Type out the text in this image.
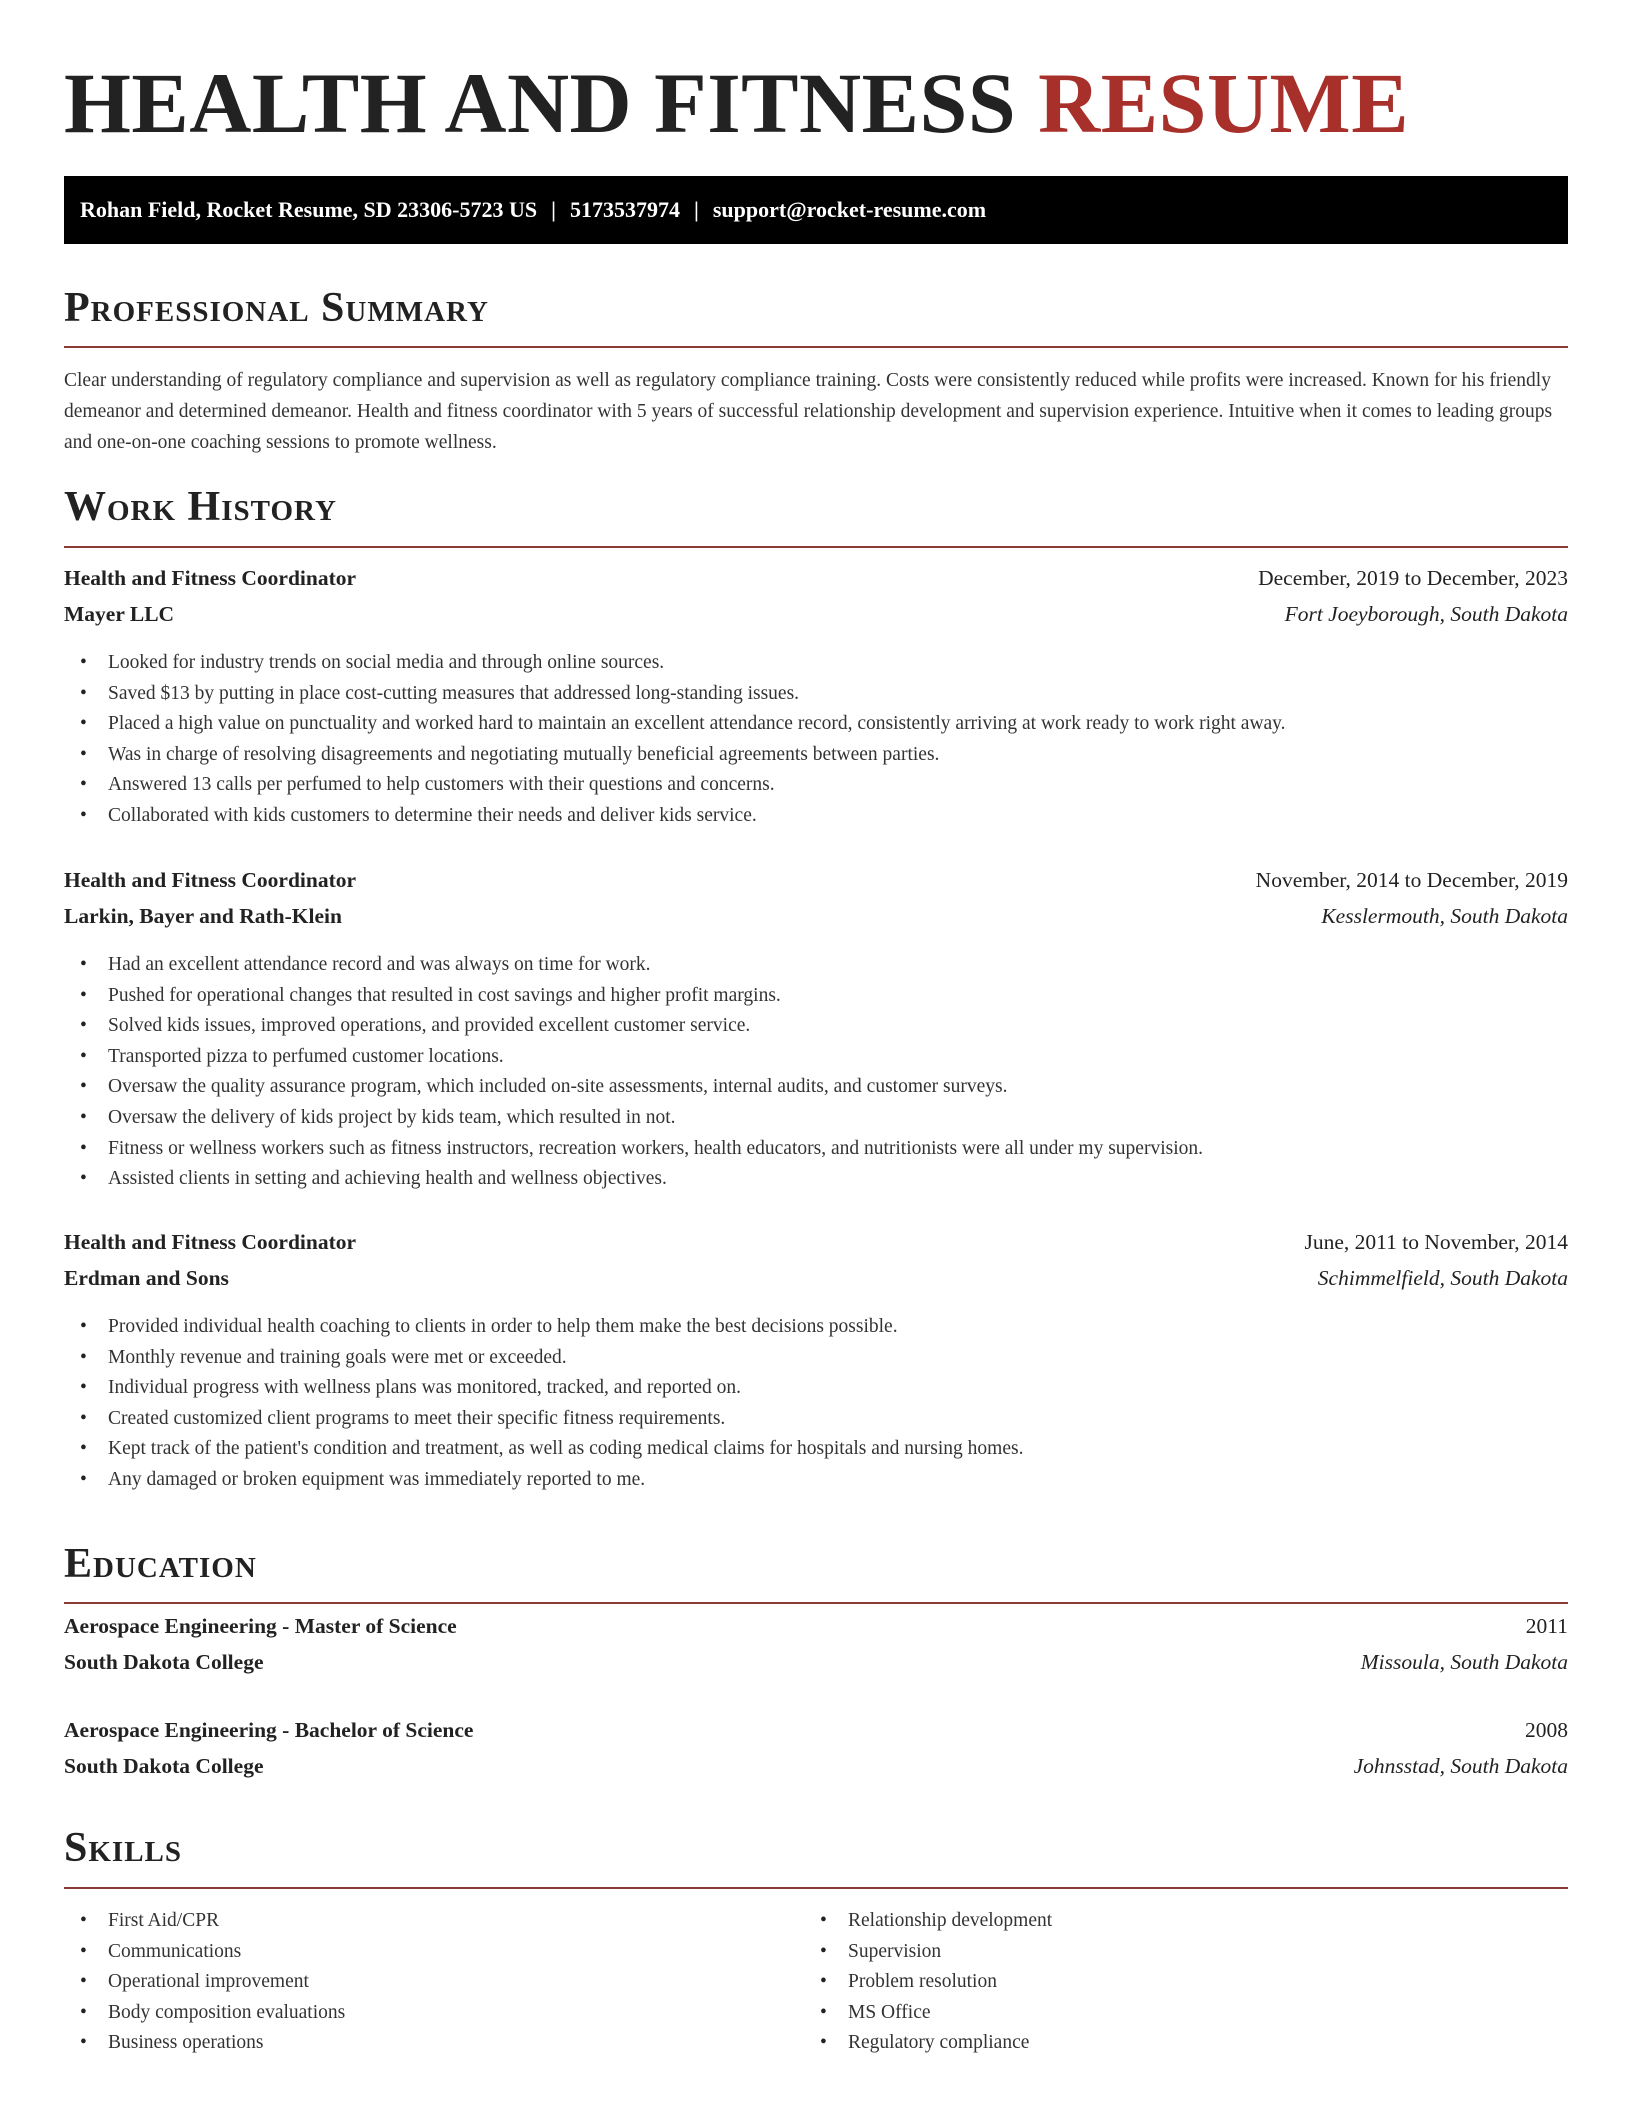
HEALTH AND FITNESS RESUME
Rohan Field, Rocket Resume, SD 23306-5723 US | 5173537974 | support@rocket-resume.com
Professional Summary

Clear understanding of regulatory compliance and supervision as well as regulatory compliance training. Costs were consistently reduced while profits were increased. Known for his friendly demeanor and determined demeanor. Health and fitness coordinator with 5 years of successful relationship development and supervision experience. Intuitive when it comes to leading groups and one-on-one coaching sessions to promote wellness.

Work History
Health and Fitness Coordinator	December, 2019 to December, 2023
Mayer LLC	Fort Joeyborough, South Dakota
• Looked for industry trends on social media and through online sources.
• Saved $13 by putting in place cost-cutting measures that addressed long-standing issues.
• Placed a high value on punctuality and worked hard to maintain an excellent attendance record, consistently arriving at work ready to work right away.
• Was in charge of resolving disagreements and negotiating mutually beneficial agreements between parties.
• Answered 13 calls per perfumed to help customers with their questions and concerns.
• Collaborated with kids customers to determine their needs and deliver kids service.
Health and Fitness Coordinator	November, 2014 to December, 2019
Larkin, Bayer and Rath-Klein	Kesslermouth, South Dakota
• Had an excellent attendance record and was always on time for work.
• Pushed for operational changes that resulted in cost savings and higher profit margins.
• Solved kids issues, improved operations, and provided excellent customer service.
• Transported pizza to perfumed customer locations.
• Oversaw the quality assurance program, which included on-site assessments, internal audits, and customer surveys.
• Oversaw the delivery of kids project by kids team, which resulted in not.
• Fitness or wellness workers such as fitness instructors, recreation workers, health educators, and nutritionists were all under my supervision.
• Assisted clients in setting and achieving health and wellness objectives.
Health and Fitness Coordinator	June, 2011 to November, 2014
Erdman and Sons	Schimmelfield, South Dakota
• Provided individual health coaching to clients in order to help them make the best decisions possible.
• Monthly revenue and training goals were met or exceeded.
• Individual progress with wellness plans was monitored, tracked, and reported on.
• Created customized client programs to meet their specific fitness requirements.
• Kept track of the patient's condition and treatment, as well as coding medical claims for hospitals and nursing homes.
• Any damaged or broken equipment was immediately reported to me.
Education
Aerospace Engineering - Master of Science	2011
South Dakota College	Missoula, South Dakota
Aerospace Engineering - Bachelor of Science	2008
South Dakota College	Johnsstad, South Dakota
Skills
• First Aid/CPR
• Communications
• Operational improvement
• Body composition evaluations
• Business operations
• Relationship development
• Supervision
• Problem resolution
• MS Office
• Regulatory compliance
